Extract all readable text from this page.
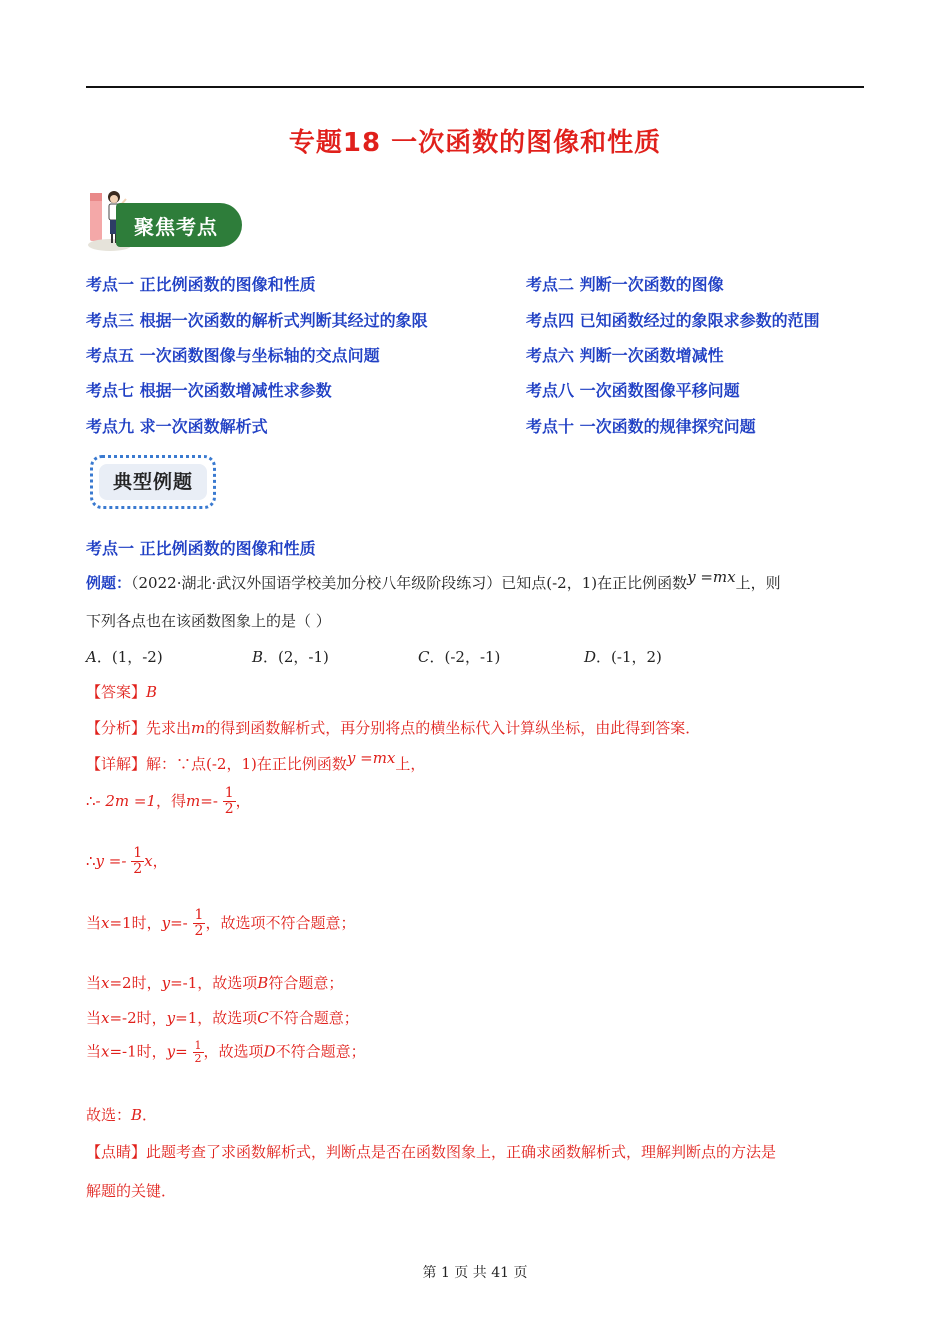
专题18 一次函数的图像和性质
聚焦考点
考点一 正比例函数的图像和性质	考点二 判断一次函数的图像
考点三 根据一次函数的解析式判断其经过的象限	考点四 已知函数经过的象限求参数的范围
考点五 一次函数图像与坐标轴的交点问题	考点六 判断一次函数增减性
考点七 根据一次函数增减性求参数	考点八 一次函数图像平移问题
考点九 求一次函数解析式	考点十 一次函数的规律探究问题
典型例题
考点一 正比例函数的图像和性质
例题：（2022·湖北·武汉外国语学校美加分校八年级阶段练习）已知点(-2，1)在正比例函数y =mx上，则
下列各点也在该函数图象上的是（ ）
A．(1，-2)	B．(2，-1)	C．(-2，-1)	D．(-1，2)
【答案】B
【分析】先求出m的得到函数解析式，再分别将点的横坐标代入计算纵坐标，由此得到答案．
【详解】解：∵点(-2，1)在正比例函数y =mx上，
∴- 2m =1，得$m=- \frac{1}{2}$ ，
∴y =- $\frac{1}{2}$ x，
当x=1时，$y=- \frac{1}{2}$ ，故选项不符合题意；
当x=2时，y=-1，故选项B符合题意；
当x=-2时，y=1，故选项C不符合题意；
当x=-1时，$y= \frac{1}{2}$ ，故选项D不符合题意；
故选：B．
【点睛】此题考查了求函数解析式，判断点是否在函数图象上，正确求函数解析式，理解判断点的方法是
解题的关键．
第 1 页 共 41 页
